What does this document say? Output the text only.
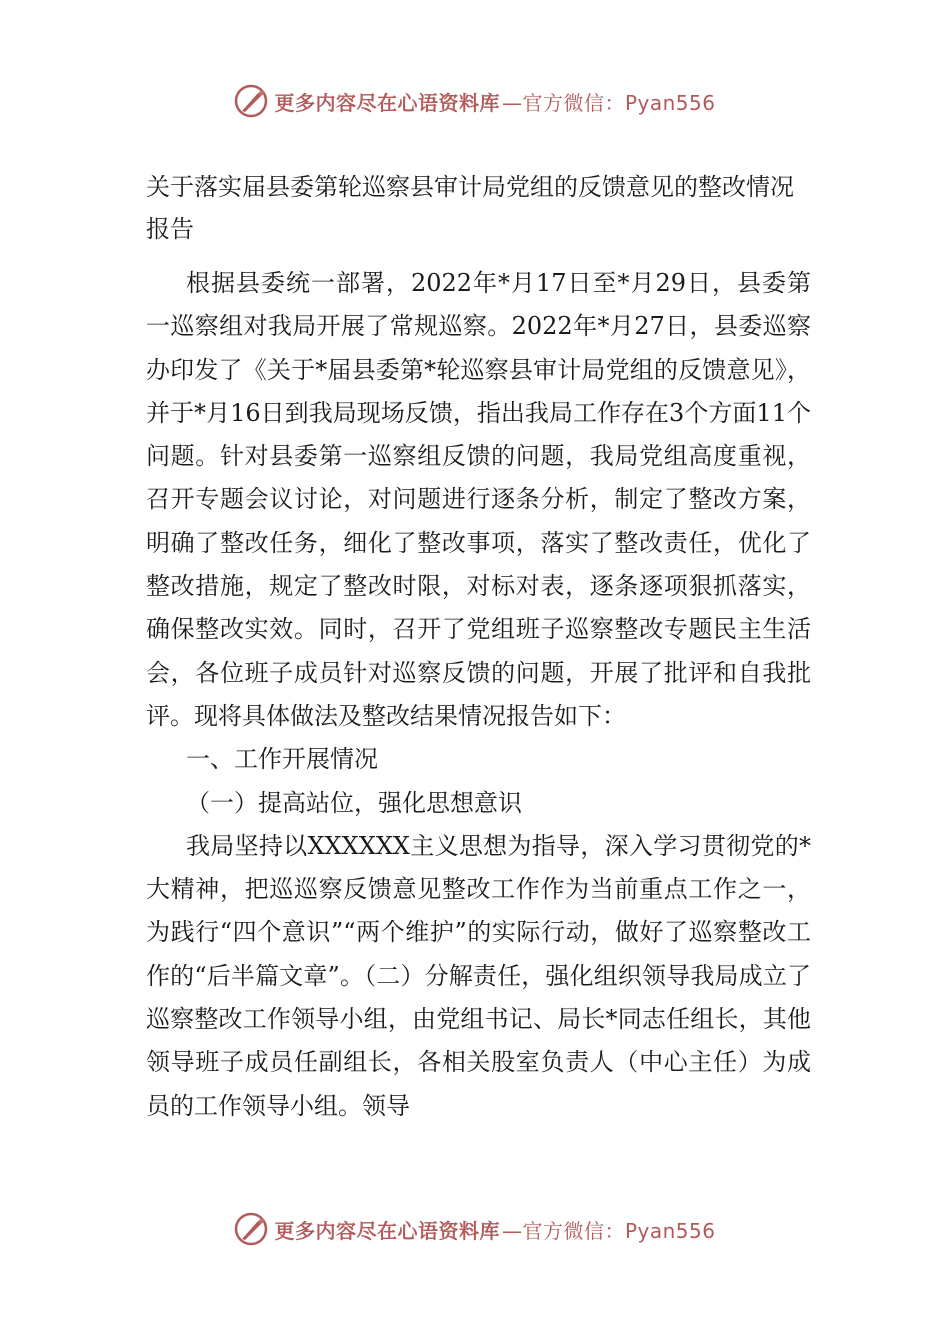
更多内容尽在心语资料库 —官方微信：Pyan556
关于落实届县委第轮巡察县审计局党组的反馈意见的整改情况报告

根据县委统一部署，2022年*月17日至*月29日，县委第一巡察组对我局开展了常规巡察。2022年*月27日，县委巡察办印发了《关于*届县委第*轮巡察县审计局党组的反馈意见》，并于*月16日到我局现场反馈，指出我局工作存在3个方面11个问题。针对县委第一巡察组反馈的问题，我局党组高度重视，召开专题会议讨论，对问题进行逐条分析，制定了整改方案，明确了整改任务，细化了整改事项，落实了整改责任，优化了整改措施，规定了整改时限，对标对表，逐条逐项狠抓落实，确保整改实效。同时，召开了党组班子巡察整改专题民主生活会，各位班子成员针对巡察反馈的问题，开展了批评和自我批评。现将具体做法及整改结果情况报告如下：

一、工作开展情况

（一）提高站位，强化思想意识

我局坚持以XXXXXX主义思想为指导，深入学习贯彻党的*大精神，把巡巡察反馈意见整改工作作为当前重点工作之一，为践行“四个意识”“两个维护”的实际行动，做好了巡察整改工作的“后半篇文章”。（二）分解责任，强化组织领导我局成立了巡察整改工作领导小组，由党组书记、局长*同志任组长，其他领导班子成员任副组长，各相关股室负责人（中心主任）为成员的工作领导小组。领导

更多内容尽在心语资料库 —官方微信：Pyan556
